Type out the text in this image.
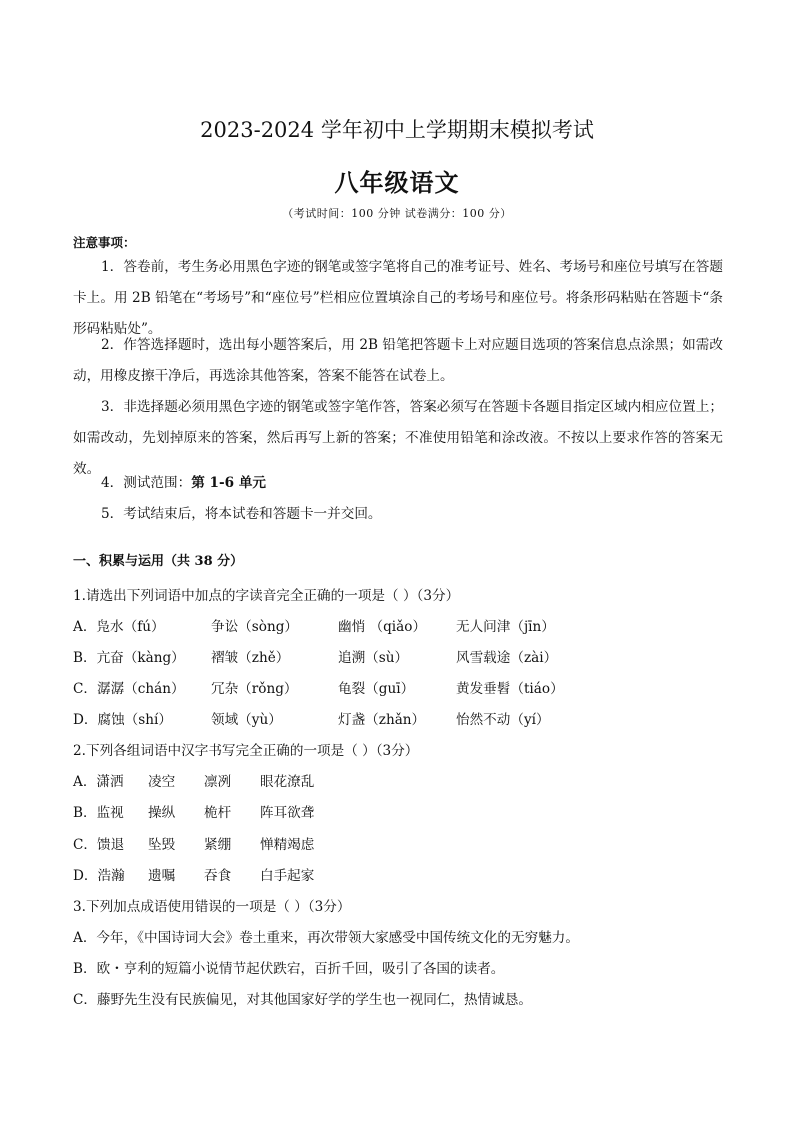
2023-2024 学年初中上学期期末模拟考试
八年级语文
（考试时间：100 分钟 试卷满分：100 分）
注意事项：
1．答卷前，考生务必用黑色字迹的钢笔或签字笔将自己的准考证号、姓名、考场号和座位号填写在答题卡上。用 2B 铅笔在“考场号”和“座位号”栏相应位置填涂自己的考场号和座位号。将条形码粘贴在答题卡“条形码粘贴处”。
2．作答选择题时，选出每小题答案后，用 2B 铅笔把答题卡上对应题目选项的答案信息点涂黑；如需改动，用橡皮擦干净后，再选涂其他答案，答案不能答在试卷上。
3．非选择题必须用黑色字迹的钢笔或签字笔作答，答案必须写在答题卡各题目指定区域内相应位置上；如需改动，先划掉原来的答案，然后再写上新的答案；不准使用铅笔和涂改液。不按以上要求作答的答案无效。
4．测试范围：第 1-6 单元
5．考试结束后，将本试卷和答题卡一并交回。
一、积累与运用（共 38 分）
1.请选出下列词语中加点的字读音完全正确的一项是（ ）（3分）
A．凫水（fú）	争讼（sòng）	幽悄 （qiǎo） 无人问津（jīn）
B．亢奋（kàng） 褶皱（zhě）	追溯（sù）	风雪载途（zài）
C．潺潺（chán） 冗杂（rǒng）	龟裂（guī）	黄发垂髫（tiáo）
D．腐蚀（shí）	领域（yù）	灯盏（zhǎn） 怡然不动（yí）
2.下列各组词语中汉字书写完全正确的一项是（ ）（3分）
A．潇洒 凌空 凛冽 眼花潦乱
B．监视 操纵 桅杆 阵耳欲聋
C．馈退 坠毁 紧绷 惮精竭虑
D．浩瀚 遗嘱 吞食 白手起家
3.下列加点成语使用错误的一项是（ ）（3分）
A．今年，《中国诗词大会》卷土重来，再次带领大家感受中国传统文化的无穷魅力。
B．欧・亨利的短篇小说情节起伏跌宕，百折千回，吸引了各国的读者。
C．藤野先生没有民族偏见，对其他国家好学的学生也一视同仁，热情诚恳。
